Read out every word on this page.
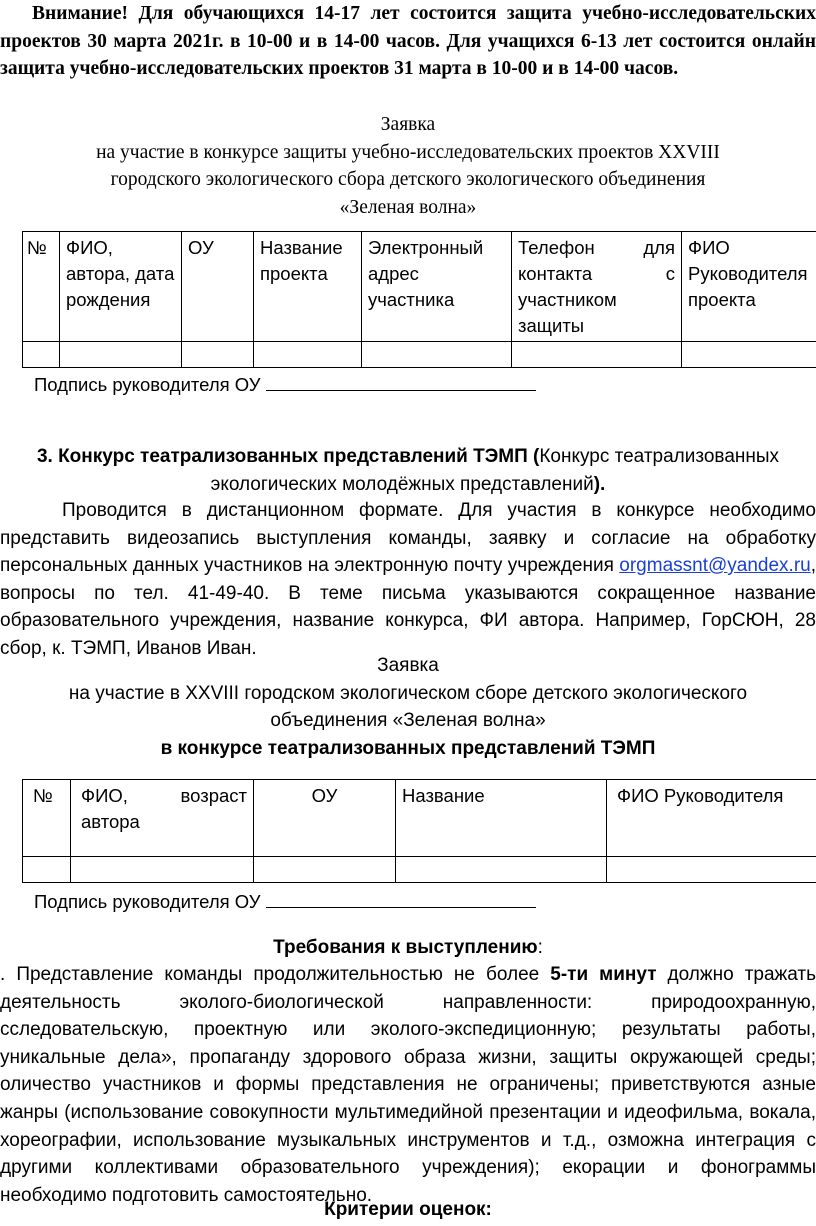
Внимание! Для обучающихся 14-17 лет состоится защита учебно-исследовательских проектов 30 марта 2021г. в 10-00 и в 14-00 часов. Для учащихся 6-13 лет состоится онлайн защита учебно-исследовательских проектов 31 марта в 10-00 и в 14-00 часов.
Заявка
на участие в конкурсе защиты учебно-исследовательских проектов XXVIII
городского экологического сбора детского экологического объединения
«Зеленая волна»
№	ФИО, автора, дата рождения	ОУ	Название проекта	Электронный адрес участника	Телефон для контакта с участником защиты	ФИО Руководителя проекта

Подпись руководителя ОУ
3. Конкурс театрализованных представлений ТЭМП (Конкурс театрализованных экологических молодёжных представлений).
Проводится в дистанционном формате. Для участия в конкурсе необходимо представить видеозапись выступления команды, заявку и согласие на обработку персональных данных участников на электронную почту учреждения orgmassnt@yandex.ru, вопросы по тел. 41-49-40. В теме письма указываются сокращенное название образовательного учреждения, название конкурса, ФИ автора. Например, ГорСЮН, 28 сбор, к. ТЭМП, Иванов Иван.
Заявка
на участие в XXVIII городском экологическом сборе детского экологического
объединения «Зеленая волна»
в конкурсе театрализованных представлений ТЭМП
№	ФИО, возраст автора	ОУ	Название	ФИО Руководителя

Подпись руководителя ОУ
Требования к выступлению:
. Представление команды продолжительностью не более 5-ти минут должно тражать деятельность эколого-биологической направленности: природоохранную, сследовательскую, проектную или эколого-экспедиционную; результаты работы, уникальные дела», пропаганду здорового образа жизни, защиты окружающей среды; оличество участников и формы представления не ограничены; приветствуются азные жанры (использование совокупности мультимедийной презентации и идеофильма, вокала, хореографии, использование музыкальных инструментов и т.д., озможна интеграция с другими коллективами образовательного учреждения); екорации и фонограммы необходимо подготовить самостоятельно.
Критерии оценок:
